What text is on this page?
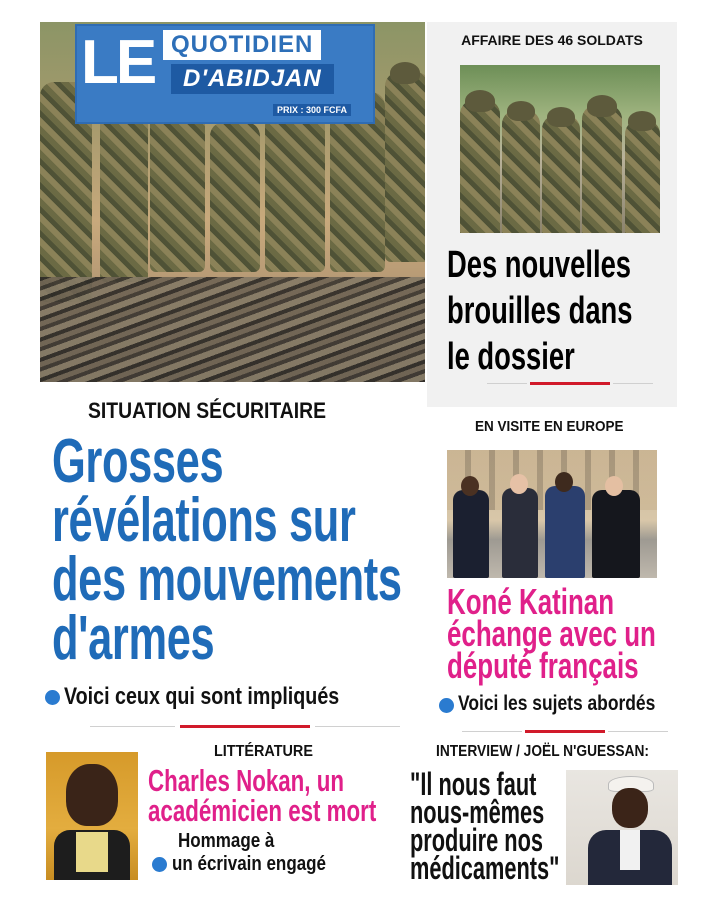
LE QUOTIDIEN
D'ABIDJAN
PRIX : 300 FCFA
AFFAIRE DES 46 SOLDATS
Des nouvelles
brouilles dans
le dossier
SITUATION SÉCURITAIRE
Grosses
révélations sur
des mouvements
d'armes
Voici ceux qui sont impliqués
EN VISITE EN EUROPE
Koné Katinan
échange avec un
député français
Voici les sujets abordés
LITTÉRATURE
Charles Nokan, un
académicien est mort
Hommage à
un écrivain engagé
INTERVIEW / JOËL N'GUESSAN:
"Il nous faut
nous-mêmes
produire nos
médicaments"
